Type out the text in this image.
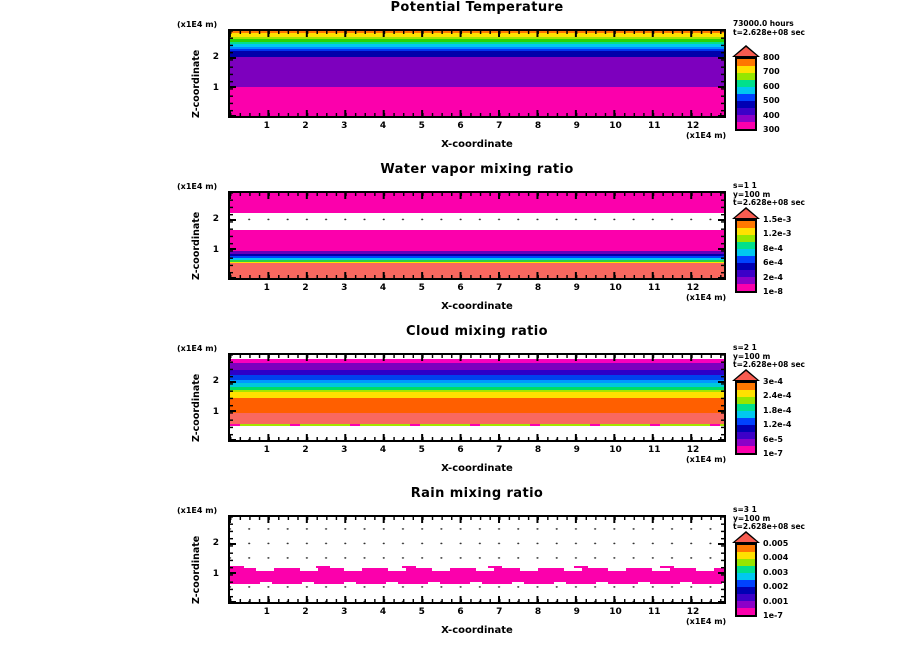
Potential Temperature
(x1E4 m)
Z-coordinate 1
2
1	2	3	4	5	6	7	8	9	10	11	12
(x1E4 m)
X-coordinate
73000.0 hours
t=2.628e+08 sec
800
700
600
500
400
300
Water vapor mixing ratio
(x1E4 m)
Z-coordinate 1
2
1	2	3	4	5	6	7	8	9	10	11	12
(x1E4 m)
X-coordinate
s=1 1
y=100 m
t=2.628e+08 sec
1.5e-3
1.2e-3
8e-4
6e-4
2e-4
1e-8
Cloud mixing ratio
(x1E4 m)
Z-coordinate 1
2
1	2	3	4	5	6	7	8	9	10	11	12
(x1E4 m)
X-coordinate
s=2 1
y=100 m
t=2.628e+08 sec
3e-4
2.4e-4
1.8e-4
1.2e-4
6e-5
1e-7
Rain mixing ratio
(x1E4 m)
Z-coordinate 1
2
1	2	3	4	5	6	7	8	9	10	11	12
(x1E4 m)
X-coordinate
s=3 1
y=100 m
t=2.628e+08 sec
0.005
0.004
0.003
0.002
0.001
1e-7
